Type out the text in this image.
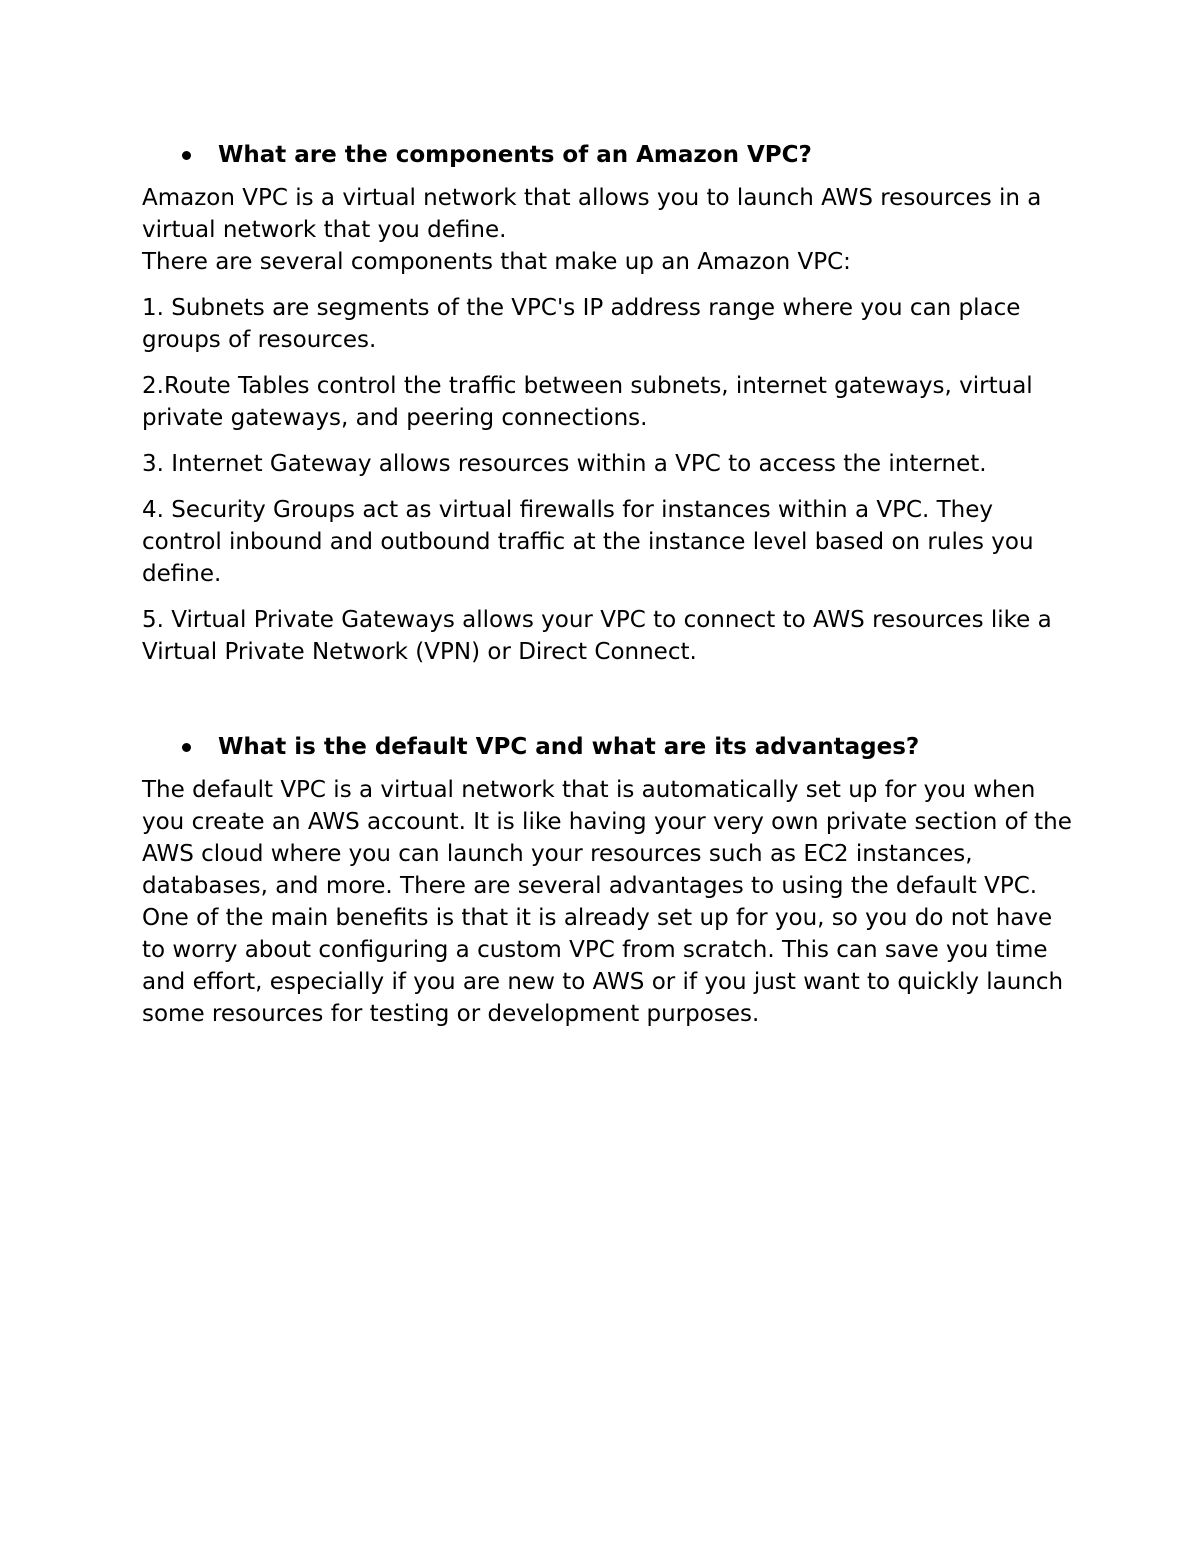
What are the components of an Amazon VPC?

Amazon VPC is a virtual network that allows you to launch AWS resources in a virtual network that you define.

There are several components that make up an Amazon VPC:

1. Subnets are segments of the VPC's IP address range where you can place groups of resources.

2.Route Tables control the traffic between subnets, internet gateways, virtual private gateways, and peering connections.

3. Internet Gateway allows resources within a VPC to access the internet.

4. Security Groups act as virtual firewalls for instances within a VPC. They control inbound and outbound traffic at the instance level based on rules you define.

5. Virtual Private Gateways allows your VPC to connect to AWS resources like a Virtual Private Network (VPN) or Direct Connect.

What is the default VPC and what are its advantages?

The default VPC is a virtual network that is automatically set up for you when you create an AWS account. It is like having your very own private section of the AWS cloud where you can launch your resources such as EC2 instances, databases, and more. There are several advantages to using the default VPC. One of the main benefits is that it is already set up for you, so you do not have to worry about configuring a custom VPC from scratch. This can save you time and effort, especially if you are new to AWS or if you just want to quickly launch some resources for testing or development purposes.
